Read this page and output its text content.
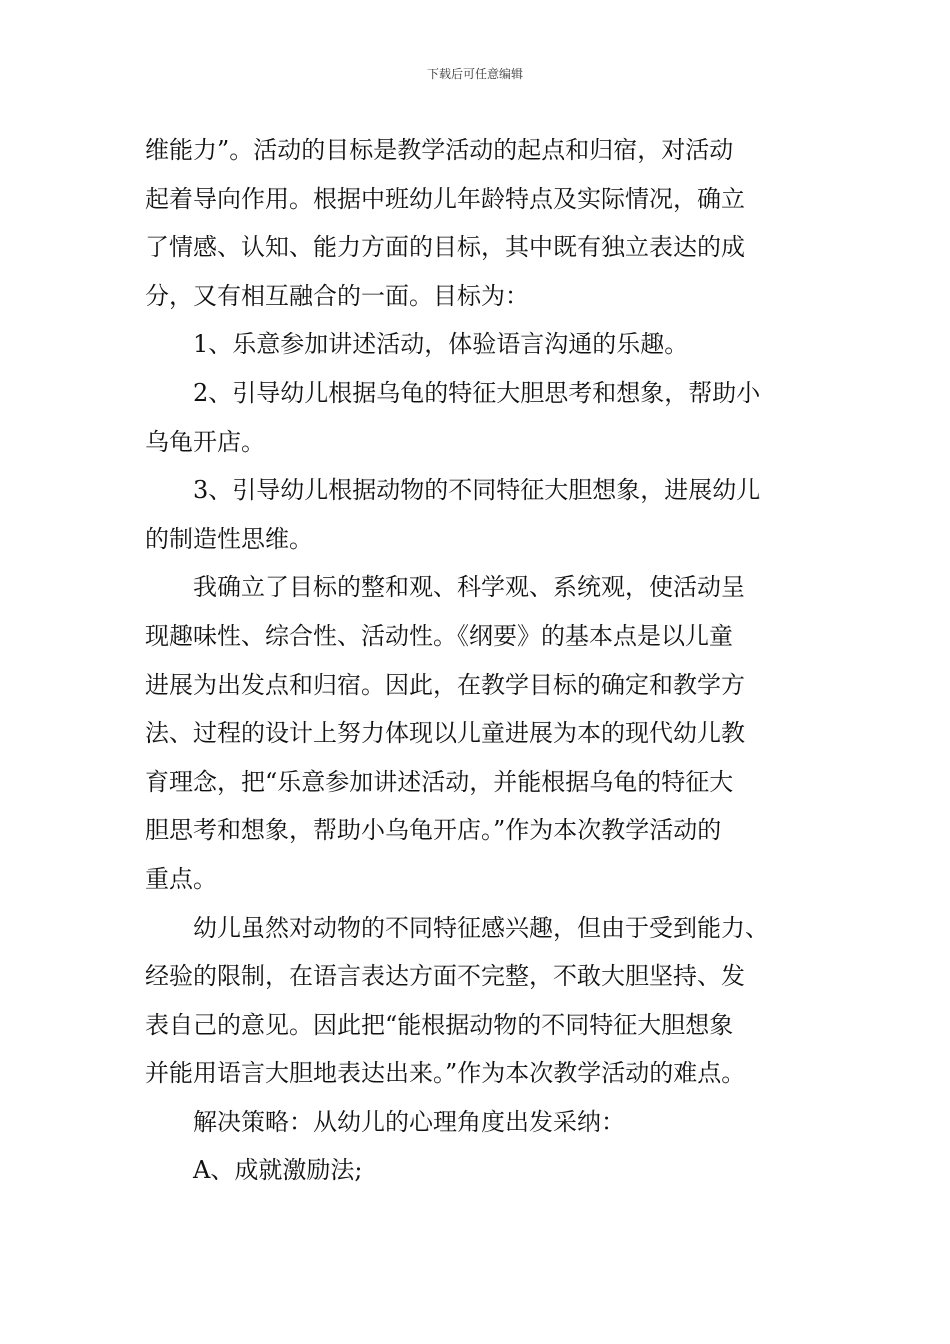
下载后可任意编辑
维能力”。活动的目标是教学活动的起点和归宿，对活动
起着导向作用。根据中班幼儿年龄特点及实际情况，确立
了情感、认知、能力方面的目标，其中既有独立表达的成
分，又有相互融合的一面。目标为：
1、乐意参加讲述活动，体验语言沟通的乐趣。
2、引导幼儿根据乌龟的特征大胆思考和想象，帮助小
乌龟开店。
3、引导幼儿根据动物的不同特征大胆想象，进展幼儿
的制造性思维。
我确立了目标的整和观、科学观、系统观，使活动呈
现趣味性、综合性、活动性。《纲要》的基本点是以儿童
进展为出发点和归宿。因此，在教学目标的确定和教学方
法、过程的设计上努力体现以儿童进展为本的现代幼儿教
育理念，把“乐意参加讲述活动，并能根据乌龟的特征大
胆思考和想象，帮助小乌龟开店。”作为本次教学活动的
重点。
幼儿虽然对动物的不同特征感兴趣，但由于受到能力、
经验的限制，在语言表达方面不完整，不敢大胆坚持、发
表自己的意见。因此把“能根据动物的不同特征大胆想象
并能用语言大胆地表达出来。”作为本次教学活动的难点。
解决策略：从幼儿的心理角度出发采纳：
A、成就激励法;
